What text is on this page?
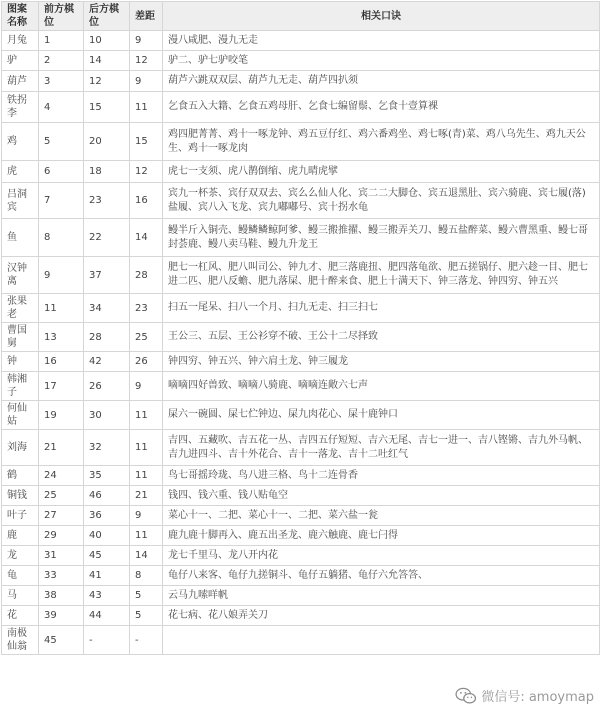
图案名称	前方棋位	后方棋位	差距	相关口诀
月兔	1	10	9	漫八咸肥、漫九无走
驴	2	14	12	驴二、驴七驴咬笔
葫芦	3	12	9	葫芦六跳双双层、葫芦九无走、葫芦四扒须
铁拐李	4	15	11	乞食五入大籍、乞食五鸡母肝、乞食七编留鬃、乞食十壹算裸
鸡	5	20	15	鸡四肥菁菁、鸡十一啄龙钟、鸡五豆仔红、鸡六番鸡坐、鸡七啄(青)菜、鸡八乌先生、鸡九天公生、鸡十一啄龙肉
虎	6	18	12	虎七一支须、虎八鹊倒缩、虎九晴虎擘
吕洞宾	7	23	16	宾九一杯茶、宾仔双双去、宾么么仙人化、宾二二大脚仓、宾五退黑肚、宾六骑鹿、宾七履(落)盐履、宾八入飞龙、宾九嘟嘟号、宾十拐水龟
鱼	8	22	14	鳗半斤入铜壳、鳗鳞鳞鲸阿爹、鳗三搬推擢、鳗三搬弄关刀、鳗五盐醉菜、鳗六曹黑重、鳗七哥封荟鹿、鳗八卖马鞋、鳗九升龙王
汉钟离	9	37	28	肥七一杠风、肥八叫司公、钟九才、肥三落鹿扭、肥四落龟欲、肥五搓锅仔、肥六趁一目、肥七进二匹、肥八反蟾、肥九落屎、肥十醉来食、肥上十满天下、钟三落龙、钟四穷、钟五兴
张果老	11	34	23	扫五一尾呆、扫八一个月、扫九无走、扫三扫七
曹国舅	13	28	25	王公三、五层、王公衫穿不破、王公十二尽择致
钟	16	42	26	钟四穷、钟五兴、钟六肩土龙、钟三履龙
韩湘子	17	26	9	嘀嘀四好兽致、嘀嘀八骑鹿、嘀嘀连敞六七声
何仙姑	19	30	11	屎六一碗圆、屎七伫钟边、屎九肉花心、屎十鹿钟口
刘海	21	32	11	吉四、五藏吹、吉五花一丛、吉四五仔短短、吉六无尾、吉七一进一、吉八铿锵、吉九外马帆、吉九进四斗、吉十外花合、吉十一落龙、吉十二吐红气
鹤	24	35	11	鸟七哥摇玲珑、鸟八进三格、鸟十二连骨香
铜钱	25	46	21	钱四、钱六重、钱八贴龟空
叶子	27	36	9	菜心十一、二把、菜心十一、二把、菜六盐一瓮
鹿	29	40	11	鹿九鹿十脚再入、鹿五出圣龙、鹿六触鹿、鹿七闩得
龙	31	45	14	龙七千里马、龙八开内花
龟	33	41	8	龟仔八来客、龟仔九搓铜斗、龟仔五躺猪、龟仔六允答答、
马	38	43	5	云马九嗦咩帆
花	39	44	5	花七病、花八娘弄关刀
南极仙翁	45	-	-	
微信号: amoymap
